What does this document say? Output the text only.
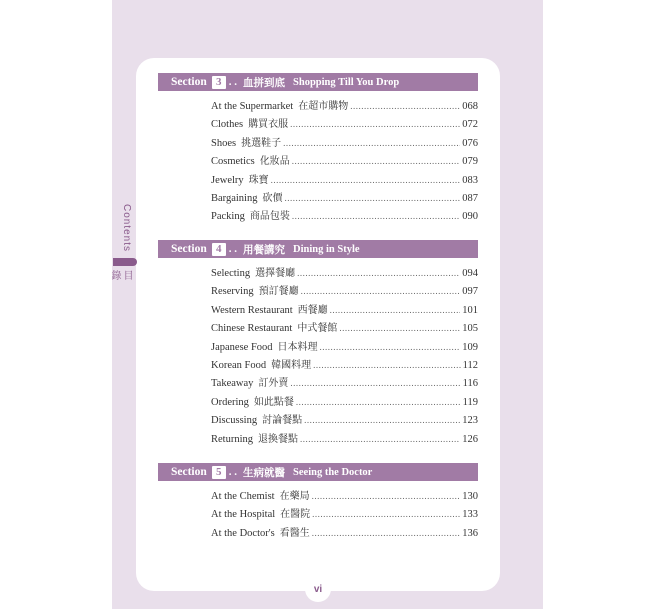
Contents
目錄
Section 3 . . 血拼到底 Shopping Till You Drop
At the Supermarket 在超市購物 .....	068
Clothes 購買衣服 .....	072
Shoes 挑選鞋子 .....	076
Cosmetics 化妝品 .....	079
Jewelry 珠寶 .....	083
Bargaining 砍價 .....	087
Packing 商品包裝 .....	090
Section 4 . . 用餐講究 Dining in Style
Selecting 選擇餐廳 .....	094
Reserving 預訂餐廳 .....	097
Western Restaurant 西餐廳 .....	101
Chinese Restaurant 中式餐館 .....	105
Japanese Food 日本料理 .....	109
Korean Food 韓國料理 .....	112
Takeaway 訂外賣 .....	116
Ordering 如此點餐 .....	119
Discussing 討論餐點 .....	123
Returning 退換餐點 .....	126
Section 5 . . 生病就醫 Seeing the Doctor
At the Chemist 在藥局 .....	130
At the Hospital 在醫院 .....	133
At the Doctor's 看醫生 .....	136
vi
